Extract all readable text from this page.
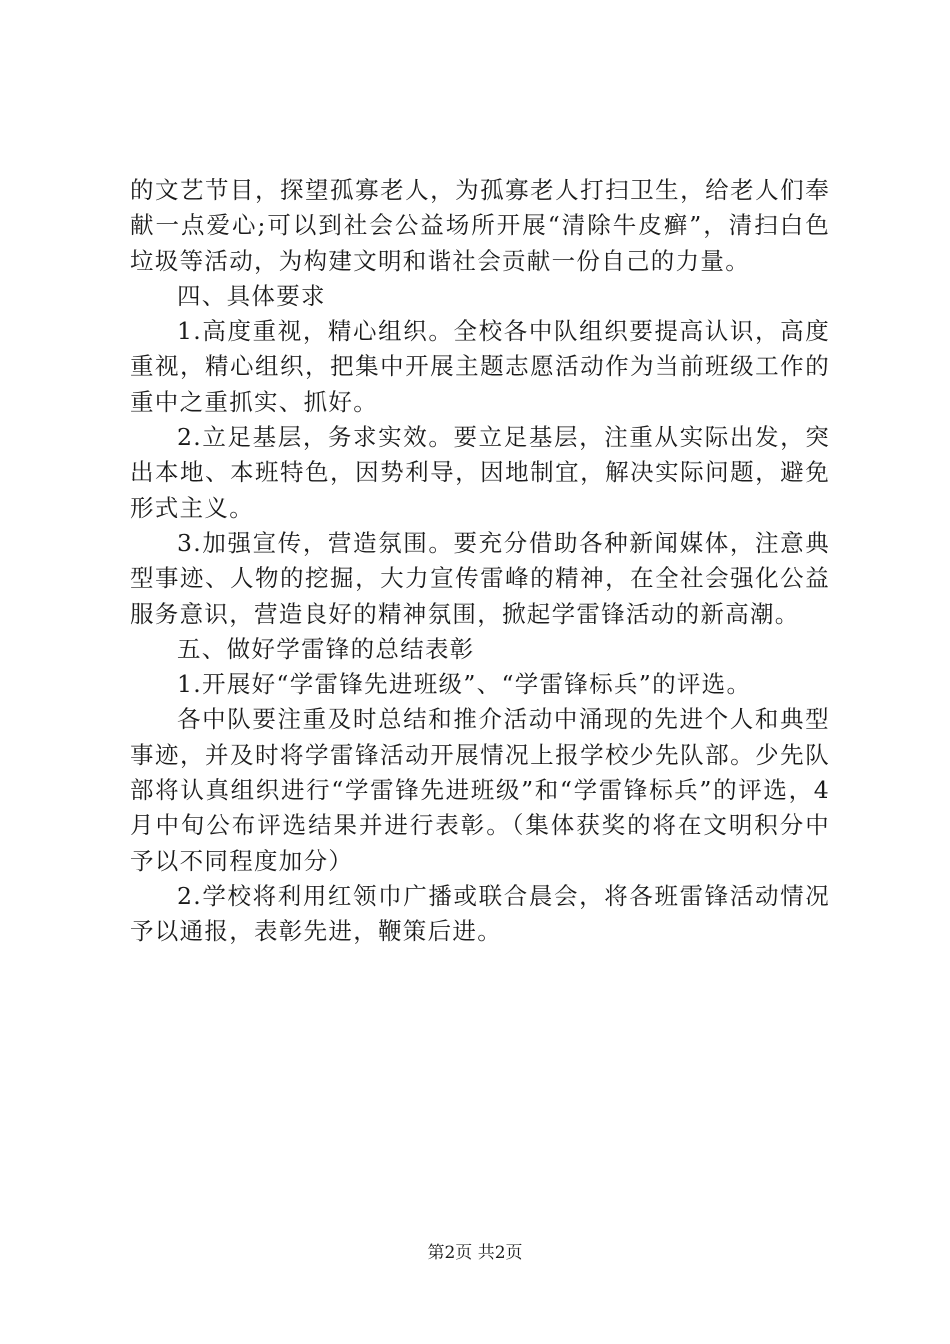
的文艺节目，探望孤寡老人，为孤寡老人打扫卫生，给老人们奉献一点爱心;可以到社会公益场所开展“清除牛皮癣”，清扫白色垃圾等活动，为构建文明和谐社会贡献一份自己的力量。

四、具体要求

1.高度重视，精心组织。全校各中队组织要提高认识，高度重视，精心组织，把集中开展主题志愿活动作为当前班级工作的重中之重抓实、抓好。

2.立足基层，务求实效。要立足基层，注重从实际出发，突出本地、本班特色，因势利导，因地制宜，解决实际问题，避免形式主义。

3.加强宣传，营造氛围。要充分借助各种新闻媒体，注意典型事迹、人物的挖掘，大力宣传雷峰的精神，在全社会强化公益服务意识，营造良好的精神氛围，掀起学雷锋活动的新高潮。

五、做好学雷锋的总结表彰

1.开展好“学雷锋先进班级”、“学雷锋标兵”的评选。

各中队要注重及时总结和推介活动中涌现的先进个人和典型事迹，并及时将学雷锋活动开展情况上报学校少先队部。少先队部将认真组织进行“学雷锋先进班级”和“学雷锋标兵”的评选，4月中旬公布评选结果并进行表彰。（集体获奖的将在文明积分中予以不同程度加分）

2.学校将利用红领巾广播或联合晨会，将各班雷锋活动情况予以通报，表彰先进，鞭策后进。

第2页 共2页
